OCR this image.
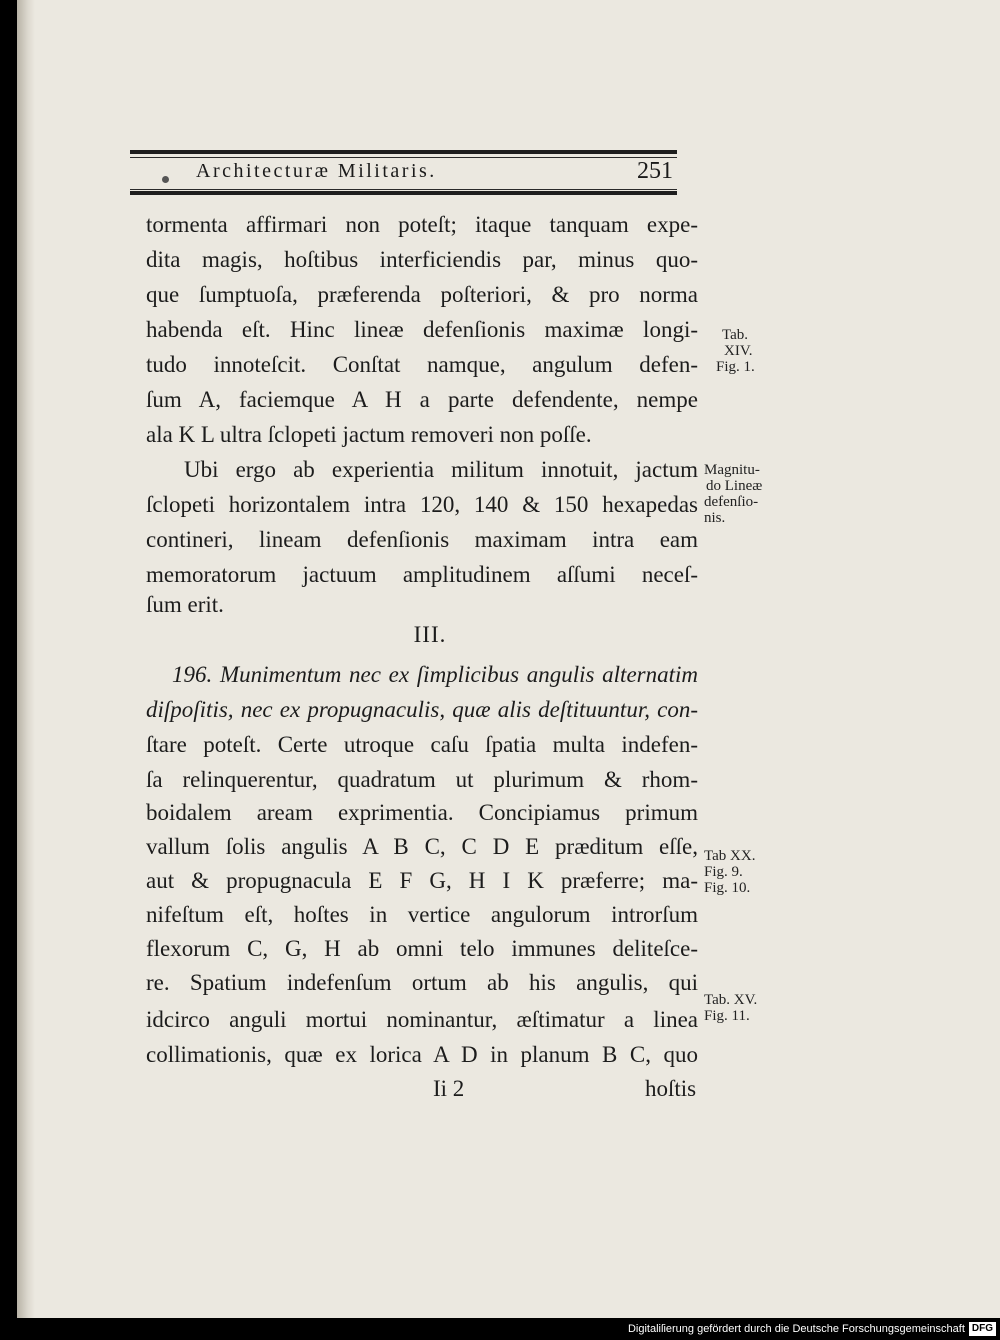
Architecturæ Militaris.	251
tormenta affirmari non poteſt; itaque tanquam expe-
dita magis, hoſtibus interficiendis par, minus quo-
que ſumptuoſa, præferenda poſteriori, & pro norma
habenda eſt. Hinc lineæ defenſionis maximæ longi-
tudo innoteſcit. Conſtat namque, angulum defen-
ſum A, faciemque A H a parte defendente, nempe
ala K L ultra ſclopeti jactum removeri non poſſe.
Ubi ergo ab experientia militum innotuit, jactum
ſclopeti horizontalem intra 120, 140 & 150 hexapedas
contineri, lineam defenſionis maximam intra eam
memoratorum jactuum amplitudinem aſſumi neceſ-
ſum erit.
III.
196. Munimentum nec ex ſimplicibus angulis alternatim
diſpoſitis, nec ex propugnaculis, quæ alis deſtituuntur, con-
ſtare poteſt. Certe utroque caſu ſpatia multa indefen-
ſa relinquerentur, quadratum ut plurimum & rhom-
boidalem aream exprimentia. Concipiamus primum
vallum ſolis angulis A B C, C D E præditum eſſe,
aut & propugnacula E F G, H I K præferre; ma-
nifeſtum eſt, hoſtes in vertice angulorum introrſum
flexorum C, G, H ab omni telo immunes deliteſce-
re. Spatium indefenſum ortum ab his angulis, qui
idcirco anguli mortui nominantur, æſtimatur a linea
collimationis, quæ ex lorica A D in planum B C, quo
Tab.
XIV.
Fig. 1.
Magnitu-
do Lineæ
defenſio-
nis.
Tab XX.
Fig. 9.
Fig. 10.
Tab. XV.
Fig. 11.
Ii 2	hoſtis
Digitaliſierung gefördert durch die Deutsche Forschungsgemeinschaft DFG
